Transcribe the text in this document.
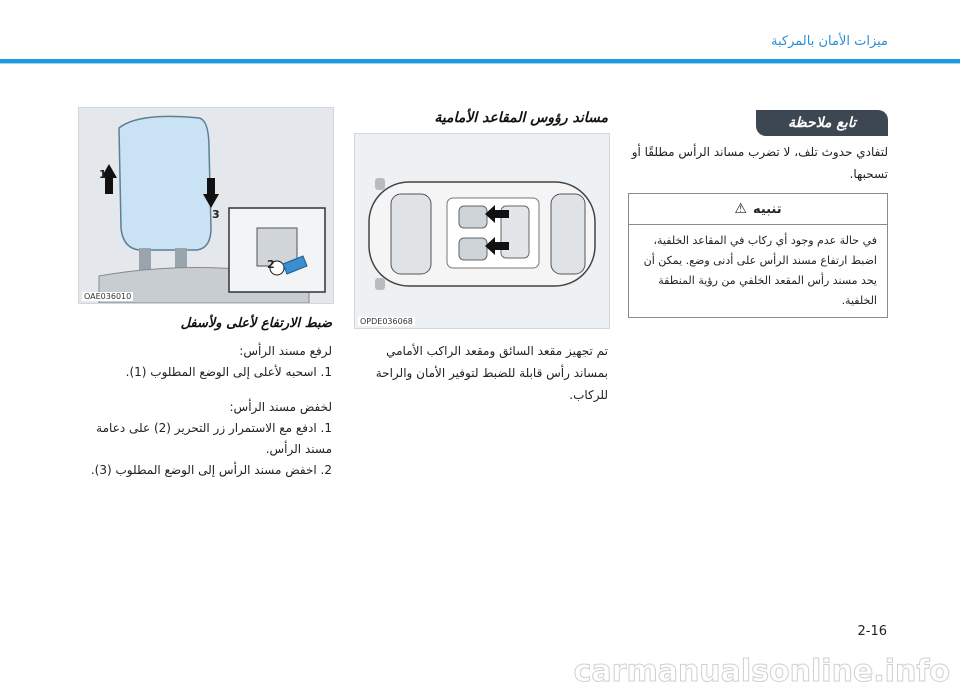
ﻣﻴﺰﺍﺕ ﺍﻷﻣﺎﻥ ﺑﺎﻟﻤﺮﻛﺒﺔ
ﺗﺎﺑﻊ ﻣﻼﺣﻈﺔ
ﻟﺘﻔﺎﺩﻱ ﺣﺪﻭﺙ ﺗﻠﻒ، ﻻ ﺗﻀﺮﺏ ﻣﺴﺎﻧﺪ ﺍﻟﺮﺃﺱ ﻣﻄﻠﻘًﺎ ﺃﻭ ﺗﺴﺤﺒﻬﺎ.
ﺗﻨﺒﻴﻪ
⚠
ﻓﻲ ﺣﺎﻟﺔ ﻋﺪﻡ ﻭﺟﻮﺩ ﺃﻱ ﺭﻛﺎﺏ ﻓﻲ ﺍﻟﻤﻘﺎﻋﺪ ﺍﻟﺨﻠﻔﻴﺔ، ﺍﺿﺒﻂ ﺍﺭﺗﻔﺎﻉ ﻣﺴﻨﺪ ﺍﻟﺮﺃﺱ ﻋﻠﻰ ﺃﺩﻧﻰ ﻭﺿﻊ. ﻳﻤﻜﻦ ﺃﻥ ﻳﺤﺪ ﻣﺴﻨﺪ ﺭﺃﺱ ﺍﻟﻤﻘﻌﺪ ﺍﻟﺨﻠﻔﻲ ﻣﻦ ﺭﺅﻳﺔ ﺍﻟﻤﻨﻄﻘﺔ ﺍﻟﺨﻠﻔﻴﺔ.
ﻣﺴﺎﻧﺪ ﺭﺅﻭﺱ ﺍﻟﻤﻘﺎﻋﺪ ﺍﻷﻣﺎﻣﻴﺔ
OPDE036068
ﺗﻢ ﺗﺠﻬﻴﺰ ﻣﻘﻌﺪ ﺍﻟﺴﺎﺋﻖ ﻭﻣﻘﻌﺪ ﺍﻟﺮﺍﻛﺐ ﺍﻷﻣﺎﻣﻲ ﺑﻤﺴﺎﻧﺪ ﺭﺃﺱ ﻗﺎﺑﻠﺔ ﻟﻠﻀﺒﻂ ﻟﺘﻮﻓﻴﺮ ﺍﻷﻣﺎﻥ ﻭﺍﻟﺮﺍﺣﺔ ﻟﻠﺮﻛﺎﺏ.
1
3
2
OAE036010
ﺿﺒﻂ ﺍﻻﺭﺗﻔﺎﻉ ﻷﻋﻠﻰ ﻭﻷﺳﻔﻞ
ﻟﺮﻓﻊ ﻣﺴﻨﺪ ﺍﻟﺮﺃﺱ:
1. ﺍﺳﺤﺒﻪ ﻷﻋﻠﻰ ﺇﻟﻰ ﺍﻟﻮﺿﻊ ﺍﻟﻤﻄﻠﻮﺏ (1).
ﻟﺨﻔﺾ ﻣﺴﻨﺪ ﺍﻟﺮﺃﺱ:
1. ﺍﺩﻓﻊ ﻣﻊ ﺍﻻﺳﺘﻤﺮﺍﺭ ﺯﺭ ﺍﻟﺘﺤﺮﻳﺮ (2) ﻋﻠﻰ ﺩﻋﺎﻣﺔ ﻣﺴﻨﺪ ﺍﻟﺮﺃﺱ.
2. ﺍﺧﻔﺾ ﻣﺴﻨﺪ ﺍﻟﺮﺃﺱ ﺇﻟﻰ ﺍﻟﻮﺿﻊ ﺍﻟﻤﻄﻠﻮﺏ (3).
2-16
carmanualsonline.info
